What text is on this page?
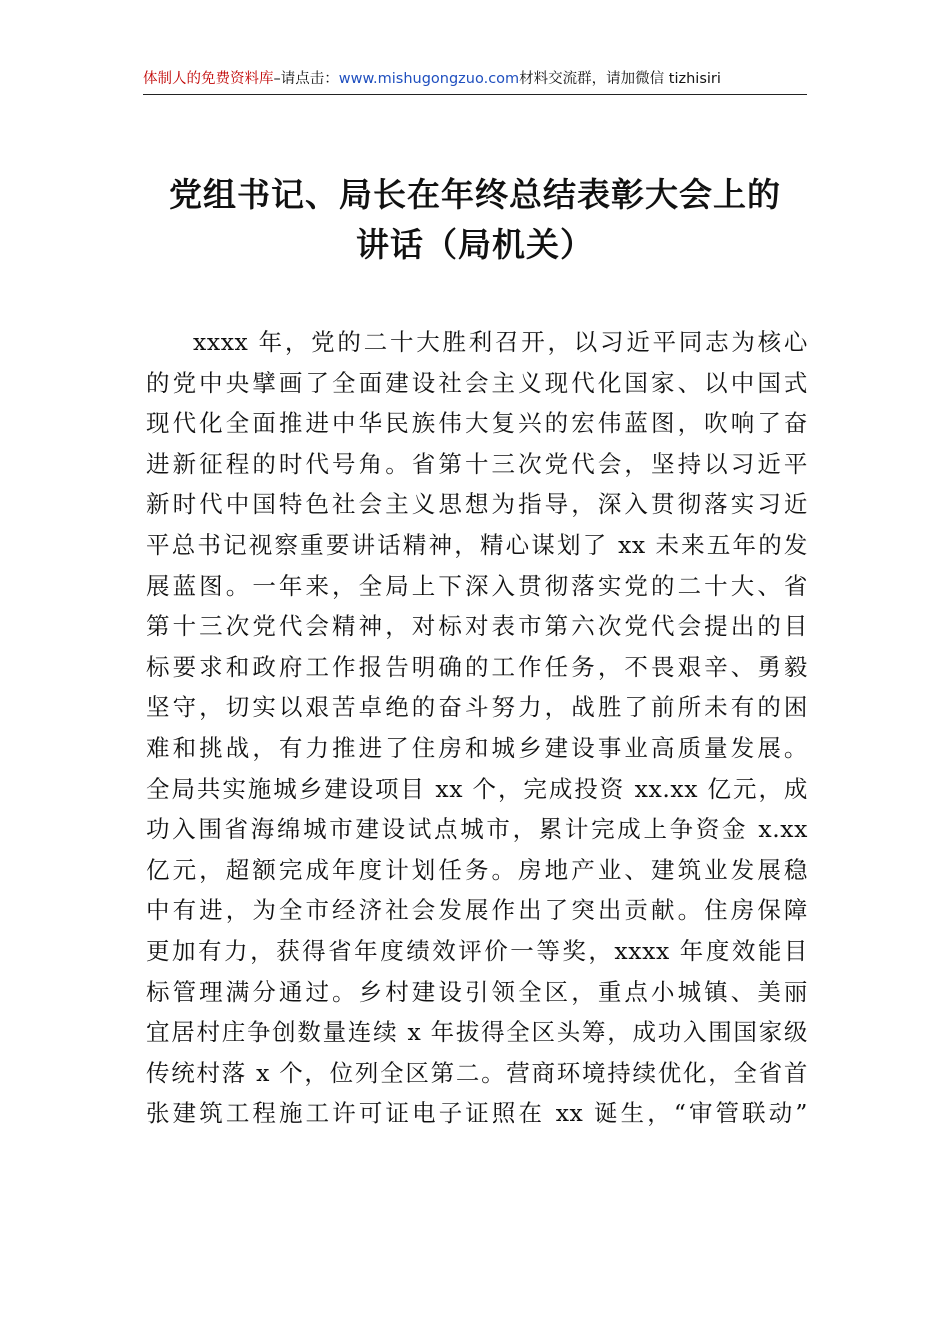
体制人的免费资料库–请点击：www.mishugongzuo.com材料交流群，请加微信 tizhisiri
党组书记、局长在年终总结表彰大会上的
讲话（局机关）
xxxx 年，党的二十大胜利召开，以习近平同志为核心
的党中央擘画了全面建设社会主义现代化国家、以中国式
现代化全面推进中华民族伟大复兴的宏伟蓝图，吹响了奋
进新征程的时代号角。省第十三次党代会，坚持以习近平
新时代中国特色社会主义思想为指导，深入贯彻落实习近
平总书记视察重要讲话精神，精心谋划了 xx 未来五年的发
展蓝图。一年来，全局上下深入贯彻落实党的二十大、省
第十三次党代会精神，对标对表市第六次党代会提出的目
标要求和政府工作报告明确的工作任务，不畏艰辛、勇毅
坚守，切实以艰苦卓绝的奋斗努力，战胜了前所未有的困
难和挑战，有力推进了住房和城乡建设事业高质量发展。
全局共实施城乡建设项目 xx 个，完成投资 xx.xx 亿元，成
功入围省海绵城市建设试点城市，累计完成上争资金 x.xx
亿元，超额完成年度计划任务。房地产业、建筑业发展稳
中有进，为全市经济社会发展作出了突出贡献。住房保障
更加有力，获得省年度绩效评价一等奖，xxxx 年度效能目
标管理满分通过。乡村建设引领全区，重点小城镇、美丽
宜居村庄争创数量连续 x 年拔得全区头筹，成功入围国家级
传统村落 x 个，位列全区第二。营商环境持续优化，全省首
张建筑工程施工许可证电子证照在 xx 诞生，“审管联动”
